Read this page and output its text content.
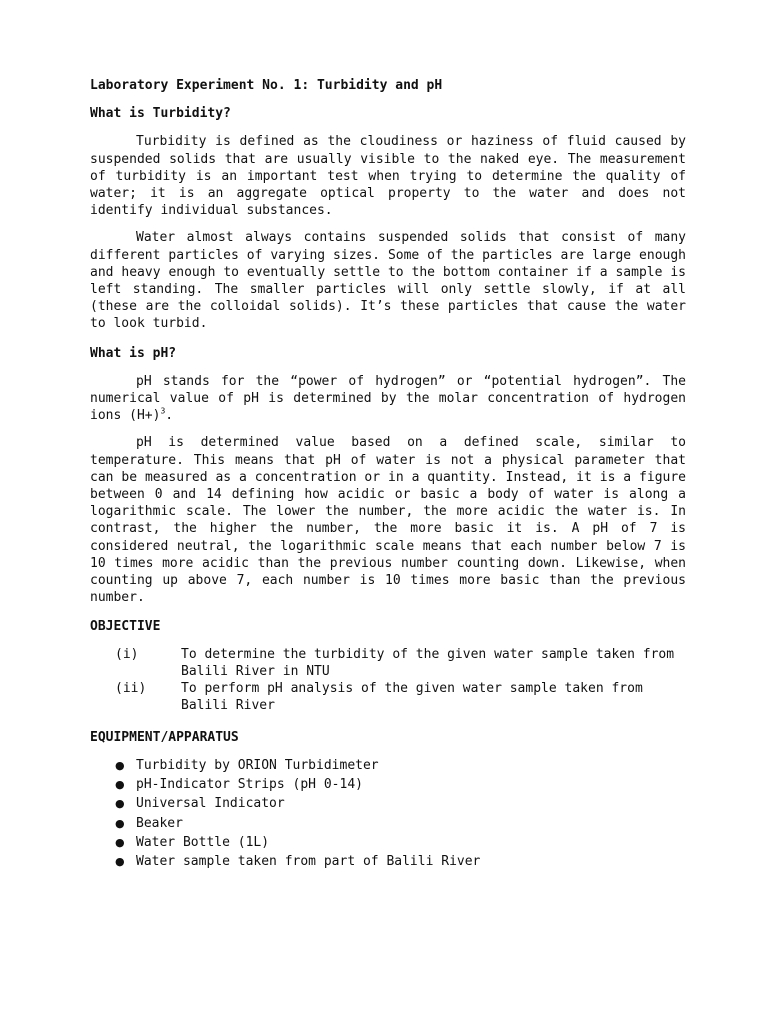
Laboratory Experiment No. 1: Turbidity and pH

What is Turbidity?

Turbidity is defined as the cloudiness or haziness of fluid caused by suspended solids that are usually visible to the naked eye. The measurement of turbidity is an important test when trying to determine the quality of water; it is an aggregate optical property to the water and does not identify individual substances.

Water almost always contains suspended solids that consist of many different particles of varying sizes. Some of the particles are large enough and heavy enough to eventually settle to the bottom container if a sample is left standing. The smaller particles will only settle slowly, if at all (these are the colloidal solids). It’s these particles that cause the water to look turbid.

What is pH?

pH stands for the “power of hydrogen” or “potential hydrogen”. The numerical value of pH is determined by the molar concentration of hydrogen ions $(H+)^3$.

pH is determined value based on a defined scale, similar to temperature. This means that pH of water is not a physical parameter that can be measured as a concentration or in a quantity. Instead, it is a figure between 0 and 14 defining how acidic or basic a body of water is along a logarithmic scale. The lower the number, the more acidic the water is. In contrast, the higher the number, the more basic it is. A pH of 7 is considered neutral, the logarithmic scale means that each number below 7 is 10 times more acidic than the previous number counting down. Likewise, when counting up above 7, each number is 10 times more basic than the previous number.

OBJECTIVE

(i)	To determine the turbidity of the given water sample taken from Balili River in NTU
(ii)	To perform pH analysis of the given water sample taken from Balili River

EQUIPMENT/APPARATUS

● Turbidity by ORION Turbidimeter
● pH-Indicator Strips (pH 0-14)
● Universal Indicator
● Beaker
● Water Bottle (1L)
● Water sample taken from part of Balili River
